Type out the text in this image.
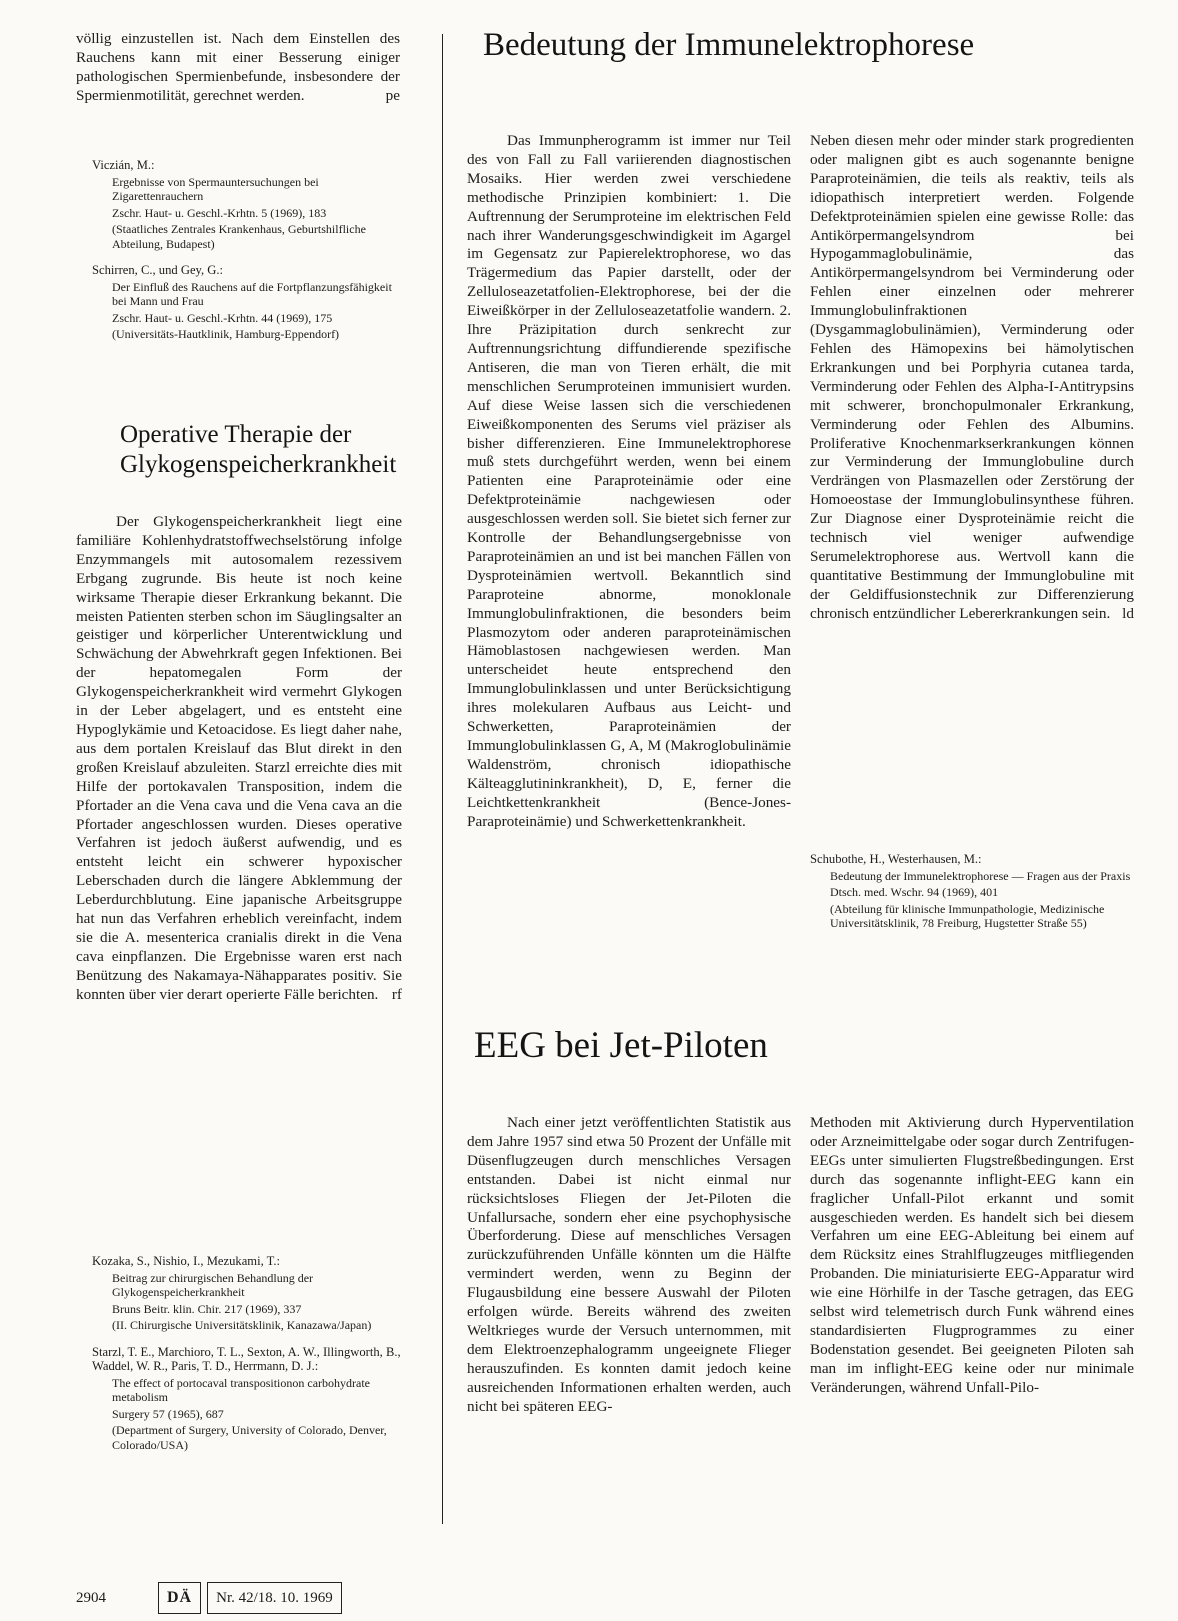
völlig einzustellen ist. Nach dem Einstellen des Rauchens kann mit einer Besserung einiger pathologischen Spermienbefunde, insbesondere der Spermienmotilität, gerechnet werden.	pe

Viczián, M.:
Ergebnisse von Spermauntersuchungen bei Zigarettenrauchern
Zschr. Haut- u. Geschl.-Krhtn. 5 (1969), 183
(Staatliches Zentrales Krankenhaus, Geburtshilfliche Abteilung, Budapest)
Schirren, C., und Gey, G.:
Der Einfluß des Rauchens auf die Fortpflanzungsfähigkeit bei Mann und Frau
Zschr. Haut- u. Geschl.-Krhtn. 44 (1969), 175
(Universitäts-Hautklinik, Hamburg-Eppendorf)
Operative Therapie der Glykogenspeicherkrankheit

Der Glykogenspeicherkrankheit liegt eine familiäre Kohlenhydratstoffwechselstörung infolge Enzymmangels mit autosomalem rezessivem Erbgang zugrunde. Bis heute ist noch keine wirksame Therapie dieser Erkrankung bekannt. Die meisten Patienten sterben schon im Säuglingsalter an geistiger und körperlicher Unterentwicklung und Schwächung der Abwehrkraft gegen Infektionen. Bei der hepatomegalen Form der Glykogenspeicherkrankheit wird vermehrt Glykogen in der Leber abgelagert, und es entsteht eine Hypoglykämie und Ketoacidose. Es liegt daher nahe, aus dem portalen Kreislauf das Blut direkt in den großen Kreislauf abzuleiten. Starzl erreichte dies mit Hilfe der portokavalen Transposition, indem die Pfortader an die Vena cava und die Vena cava an die Pfortader angeschlossen wurden. Dieses operative Verfahren ist jedoch äußerst aufwendig, und es entsteht leicht ein schwerer hypoxischer Leberschaden durch die längere Abklemmung der Leberdurchblutung. Eine japanische Arbeitsgruppe hat nun das Verfahren erheblich vereinfacht, indem sie die A. mesenterica cranialis direkt in die Vena cava einpflanzen. Die Ergebnisse waren erst nach Benützung des Nakamaya-Nähapparates positiv. Sie konnten über vier derart operierte Fälle berichten. rf

Kozaka, S., Nishio, I., Mezukami, T.:
Beitrag zur chirurgischen Behandlung der Glykogenspeicherkrankheit
Bruns Beitr. klin. Chir. 217 (1969), 337
(II. Chirurgische Universitätsklinik, Kanazawa/Japan)
Starzl, T. E., Marchioro, T. L., Sexton, A. W., Illingworth, B., Waddel, W. R., Paris, T. D., Herrmann, D. J.:
The effect of portocaval transpositionon carbohydrate metabolism
Surgery 57 (1965), 687
(Department of Surgery, University of Colorado, Denver, Colorado/USA)
Bedeutung der Immunelektrophorese

Das Immunpherogramm ist immer nur Teil des von Fall zu Fall variierenden diagnostischen Mosaiks. Hier werden zwei verschiedene methodische Prinzipien kombiniert: 1. Die Auftrennung der Serumproteine im elektrischen Feld nach ihrer Wanderungsgeschwindigkeit im Agargel im Gegensatz zur Papierelektrophorese, wo das Trägermedium das Papier darstellt, oder der Zelluloseazetatfolien-Elektrophorese, bei der die Eiweißkörper in der Zelluloseazetatfolie wandern. 2. Ihre Präzipitation durch senkrecht zur Auftrennungsrichtung diffundierende spezifische Antiseren, die man von Tieren erhält, die mit menschlichen Serumproteinen immunisiert wurden. Auf diese Weise lassen sich die verschiedenen Eiweißkomponenten des Serums viel präziser als bisher differenzieren. Eine Immunelektrophorese muß stets durchgeführt werden, wenn bei einem Patienten eine Paraproteinämie oder eine Defektproteinämie nachgewiesen oder ausgeschlossen werden soll. Sie bietet sich ferner zur Kontrolle der Behandlungsergebnisse von Paraproteinämien an und ist bei manchen Fällen von Dysproteinämien wertvoll. Bekanntlich sind Paraproteine abnorme, monoklonale Immunglobulinfraktionen, die besonders beim Plasmozytom oder anderen paraproteinämischen Hämoblastosen nachgewiesen werden. Man unterscheidet heute entsprechend den Immunglobulinklassen und unter Berücksichtigung ihres molekularen Aufbaus aus Leicht- und Schwerketten, Paraproteinämien der Immunglobulinklassen G, A, M (Makroglobulinämie Waldenström, chronisch idiopathische Kälteagglutininkrankheit), D, E, ferner die Leichtkettenkrankheit (Bence-Jones-Paraproteinämie) und Schwerkettenkrankheit.

Neben diesen mehr oder minder stark progredienten oder malignen gibt es auch sogenannte benigne Paraproteinämien, die teils als reaktiv, teils als idiopathisch interpretiert werden. Folgende Defektproteinämien spielen eine gewisse Rolle: das Antikörpermangelsyndrom bei Hypogammaglobulinämie, das Antikörpermangelsyndrom bei Verminderung oder Fehlen einer einzelnen oder mehrerer Immunglobulinfraktionen (Dysgammaglobulinämien), Verminderung oder Fehlen des Hämopexins bei hämolytischen Erkrankungen und bei Porphyria cutanea tarda, Verminderung oder Fehlen des Alpha-I-Antitrypsins mit schwerer, bronchopulmonaler Erkrankung, Verminderung oder Fehlen des Albumins. Proliferative Knochenmarkserkrankungen können zur Verminderung der Immunglobuline durch Verdrängen von Plasmazellen oder Zerstörung der Homoeostase der Immunglobulinsynthese führen. Zur Diagnose einer Dysproteinämie reicht die technisch viel weniger aufwendige Serumelektrophorese aus. Wertvoll kann die quantitative Bestimmung der Immunglobuline mit der Geldiffusionstechnik zur Differenzierung chronisch entzündlicher Lebererkrankungen sein. ld

Schubothe, H., Westerhausen, M.:
Bedeutung der Immunelektrophorese — Fragen aus der Praxis
Dtsch. med. Wschr. 94 (1969), 401
(Abteilung für klinische Immunpathologie, Medizinische Universitätsklinik, 78 Freiburg, Hugstetter Straße 55)
EEG bei Jet-Piloten

Nach einer jetzt veröffentlichten Statistik aus dem Jahre 1957 sind etwa 50 Prozent der Unfälle mit Düsenflugzeugen durch menschliches Versagen entstanden. Dabei ist nicht einmal nur rücksichtsloses Fliegen der Jet-Piloten die Unfallursache, sondern eher eine psychophysische Überforderung. Diese auf menschliches Versagen zurückzuführenden Unfälle könnten um die Hälfte vermindert werden, wenn zu Beginn der Flugausbildung eine bessere Auswahl der Piloten erfolgen würde. Bereits während des zweiten Weltkrieges wurde der Versuch unternommen, mit dem Elektroenzephalogramm ungeeignete Flieger herauszufinden. Es konnten damit jedoch keine ausreichenden Informationen erhalten werden, auch nicht bei späteren EEG-

Methoden mit Aktivierung durch Hyperventilation oder Arzneimittelgabe oder sogar durch Zentrifugen-EEGs unter simulierten Flugstreßbedingungen. Erst durch das sogenannte inflight-EEG kann ein fraglicher Unfall-Pilot erkannt und somit ausgeschieden werden. Es handelt sich bei diesem Verfahren um eine EEG-Ableitung bei einem auf dem Rücksitz eines Strahlflugzeuges mitfliegenden Probanden. Die miniaturisierte EEG-Apparatur wird wie eine Hörhilfe in der Tasche getragen, das EEG selbst wird telemetrisch durch Funk während eines standardisierten Flugprogrammes zu einer Bodenstation gesendet. Bei geeigneten Piloten sah man im inflight-EEG keine oder nur minimale Veränderungen, während Unfall-Pilo-

2904	DÄ	Nr. 42/18. 10. 1969
